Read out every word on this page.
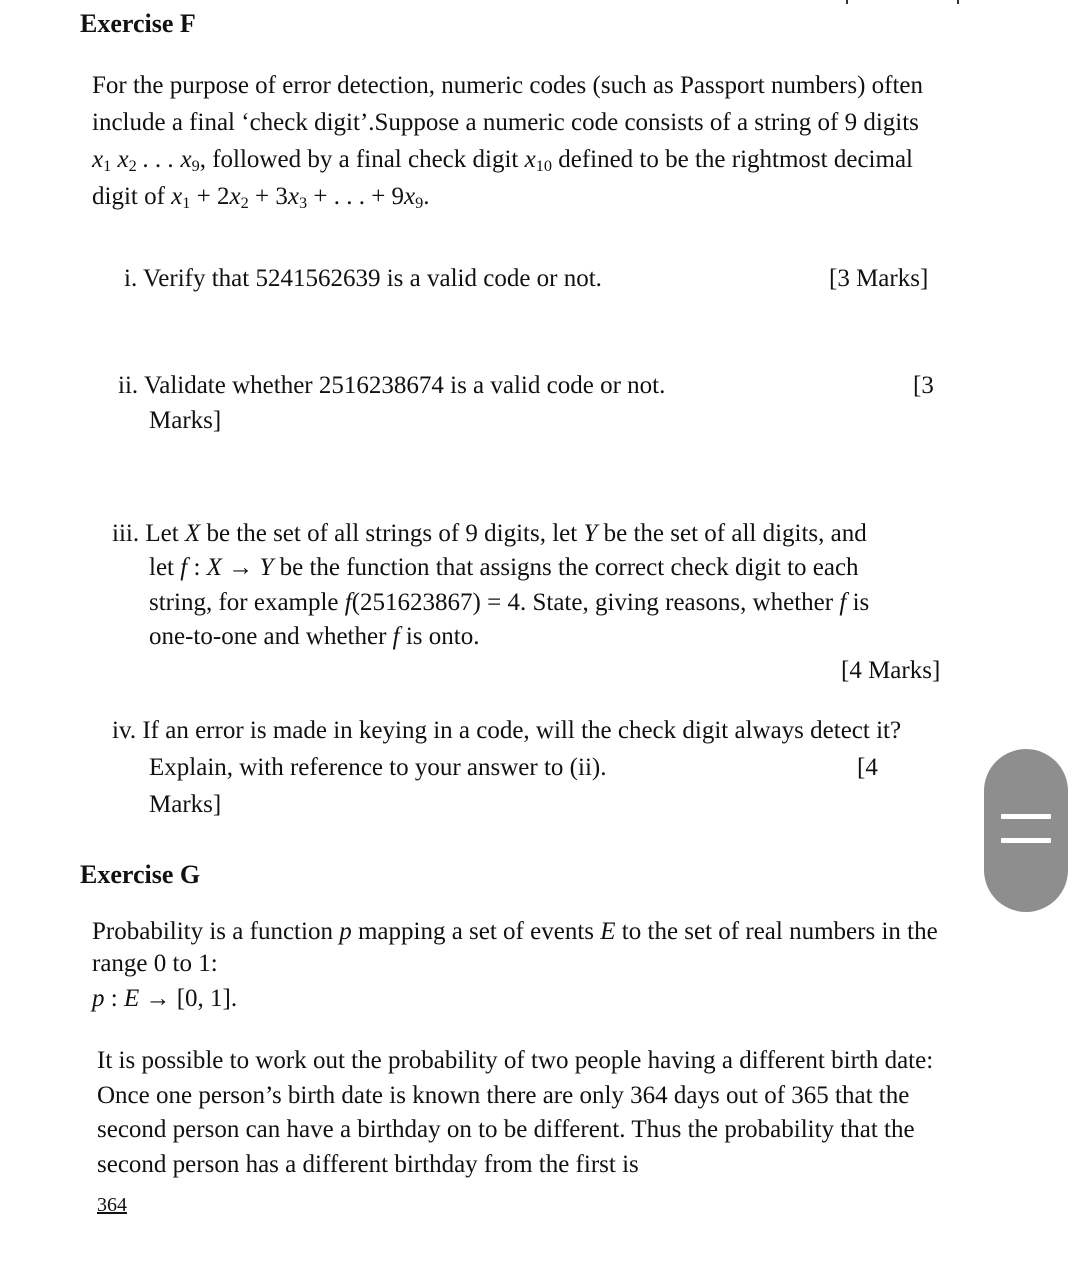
Exercise F
For the purpose of error detection, numeric codes (such as Passport numbers) often
include a final ‘check digit’.Suppose a numeric code consists of a string of 9 digits
$x_1$ $x_2$ . . . $x_9$, followed by a final check digit $x_{10}$ defined to be the rightmost decimal
digit of $x_1 + 2x_2 + 3x_3$ + . . . + $9x_9$.
i. Verify that 5241562639 is a valid code or not.	[3 Marks]
ii. Validate whether 2516238674 is a valid code or not.	[3
Marks]
iii. Let X be the set of all strings of 9 digits, let Y be the set of all digits, and
let f : X → Y be the function that assigns the correct check digit to each
string, for example f(251623867) = 4. State, giving reasons, whether f is
one-to-one and whether f is onto.
[4 Marks]
iv. If an error is made in keying in a code, will the check digit always detect it?
Explain, with reference to your answer to (ii).	[4
Marks]
Exercise G
Probability is a function p mapping a set of events E to the set of real numbers in the
range 0 to 1:
p : E → [0, 1].
It is possible to work out the probability of two people having a different birth date:
Once one person’s birth date is known there are only 364 days out of 365 that the
second person can have a birthday on to be different. Thus the probability that the
second person has a different birthday from the first is
364
